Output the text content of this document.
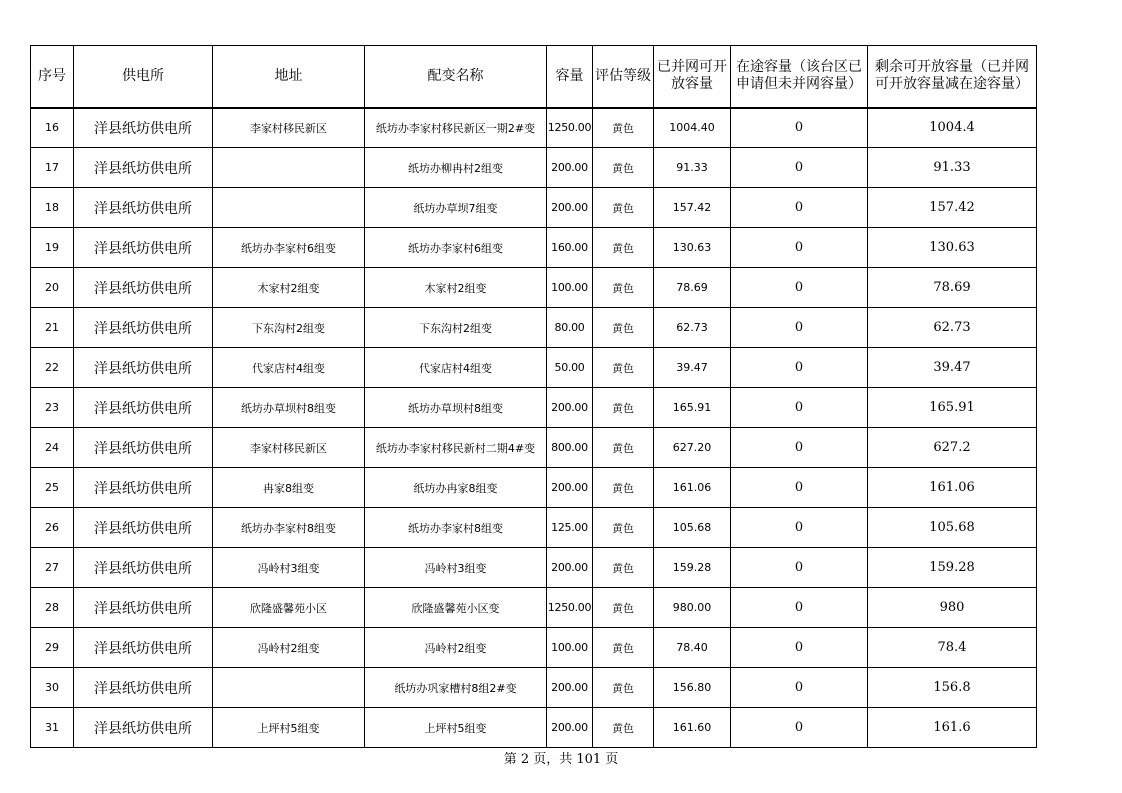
序号	供电所	地址	配变名称	容量	评估等级	已并网可开放容量	在途容量（该台区已申请但未并网容量）	剩余可开放容量（已并网可开放容量减在途容量）
16	洋县纸坊供电所	李家村移民新区	纸坊办李家村移民新区一期2#变	1250.00	黄色	1004.40	0	1004.4
17	洋县纸坊供电所		纸坊办柳冉村2组变	200.00	黄色	91.33	0	91.33
18	洋县纸坊供电所		纸坊办草坝7组变	200.00	黄色	157.42	0	157.42
19	洋县纸坊供电所	纸坊办李家村6组变	纸坊办李家村6组变	160.00	黄色	130.63	0	130.63
20	洋县纸坊供电所	木家村2组变	木家村2组变	100.00	黄色	78.69	0	78.69
21	洋县纸坊供电所	下东沟村2组变	下东沟村2组变	80.00	黄色	62.73	0	62.73
22	洋县纸坊供电所	代家店村4组变	代家店村4组变	50.00	黄色	39.47	0	39.47
23	洋县纸坊供电所	纸坊办草坝村8组变	纸坊办草坝村8组变	200.00	黄色	165.91	0	165.91
24	洋县纸坊供电所	李家村移民新区	纸坊办李家村移民新村二期4#变	800.00	黄色	627.20	0	627.2
25	洋县纸坊供电所	冉家8组变	纸坊办冉家8组变	200.00	黄色	161.06	0	161.06
26	洋县纸坊供电所	纸坊办李家村8组变	纸坊办李家村8组变	125.00	黄色	105.68	0	105.68
27	洋县纸坊供电所	冯岭村3组变	冯岭村3组变	200.00	黄色	159.28	0	159.28
28	洋县纸坊供电所	欣隆盛馨苑小区	欣隆盛馨苑小区变	1250.00	黄色	980.00	0	980
29	洋县纸坊供电所	冯岭村2组变	冯岭村2组变	100.00	黄色	78.40	0	78.4
30	洋县纸坊供电所		纸坊办巩家槽村8组2#变	200.00	黄色	156.80	0	156.8
31	洋县纸坊供电所	上坪村5组变	上坪村5组变	200.00	黄色	161.60	0	161.6
第 2 页，共 101 页
